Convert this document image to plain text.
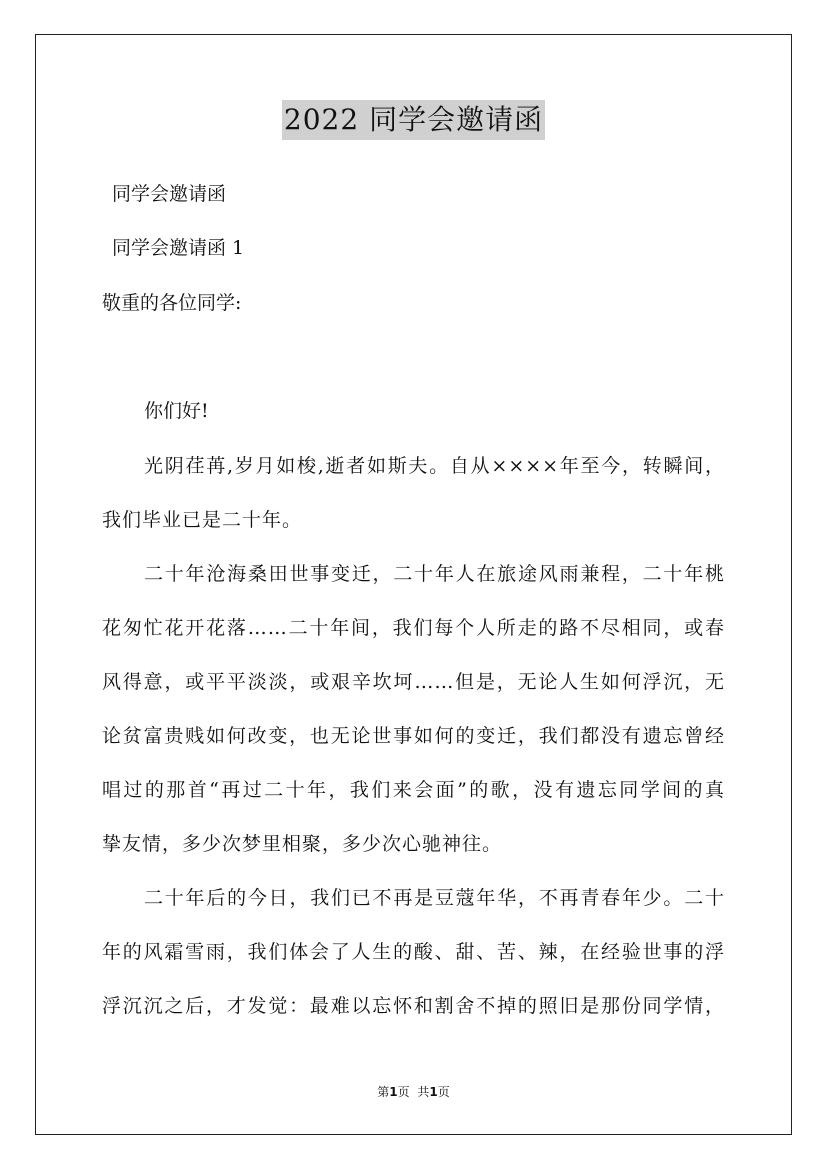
2022 同学会邀请函
同学会邀请函
同学会邀请函 1
敬重的各位同学:
你们好!
光阴荏苒,岁月如梭,逝者如斯夫。自从××××年至今，转瞬间，
我们毕业已是二十年。
二十年沧海桑田世事变迁，二十年人在旅途风雨兼程，二十年桃
花匆忙花开花落……二十年间，我们每个人所走的路不尽相同，或春
风得意，或平平淡淡，或艰辛坎坷……但是，无论人生如何浮沉，无
论贫富贵贱如何改变，也无论世事如何的变迁，我们都没有遗忘曾经
唱过的那首“再过二十年，我们来会面”的歌，没有遗忘同学间的真
挚友情，多少次梦里相聚，多少次心驰神往。
二十年后的今日，我们已不再是豆蔻年华，不再青春年少。二十
年的风霜雪雨，我们体会了人生的酸、甜、苦、辣，在经验世事的浮
浮沉沉之后，才发觉：最难以忘怀和割舍不掉的照旧是那份同学情，
第1页 共1页
